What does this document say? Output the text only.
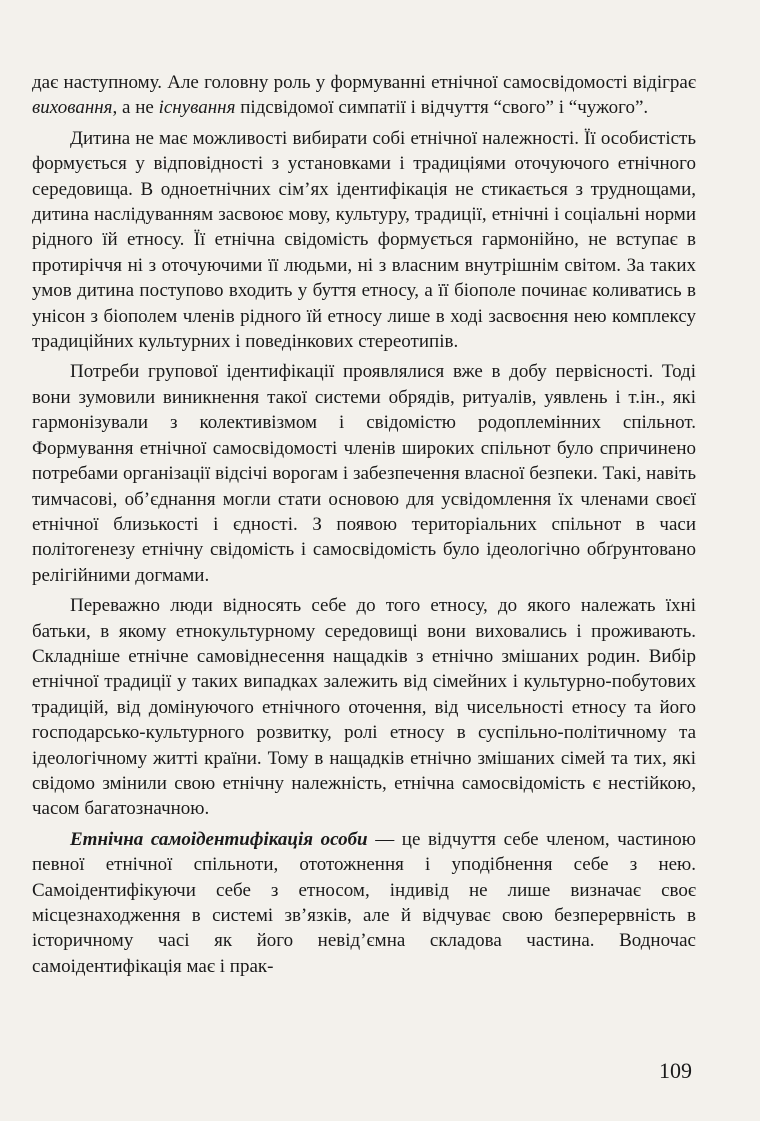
дає наступному. Але головну роль у формуванні етнічної самосвідомості відіграє виховання, а не існування підсвідомої симпатії і відчуття “свого” і “чужого”.

Дитина не має можливості вибирати собі етнічної належності. Її особистість формується у відповідності з установками і традиціями оточуючого етнічного середовища. В одноетнічних сім’ях ідентифікація не стикається з труднощами, дитина наслідуванням засвоює мову, культуру, традиції, етнічні і соціальні норми рідного їй етносу. Її етнічна свідомість формується гармонійно, не вступає в протиріччя ні з оточуючими її людьми, ні з власним внутрішнім світом. За таких умов дитина поступово входить у буття етносу, а її біополе починає коливатись в унісон з біополем членів рідного їй етносу лише в ході засвоєння нею комплексу традиційних культурних і поведінкових стереотипів.

Потреби групової ідентифікації проявлялися вже в добу первісності. Тоді вони зумовили виникнення такої системи обрядів, ритуалів, уявлень і т.ін., які гармонізували з колективізмом і свідомістю родоплемінних спільнот. Формування етнічної самосвідомості членів широких спільнот було спричинено потребами організації відсічі ворогам і забезпечення власної безпеки. Такі, навіть тимчасові, об’єднання могли стати основою для усвідомлення їх членами своєї етнічної близькості і єдності. З появою територіальних спільнот в часи політогенезу етнічну свідомість і самосвідомість було ідеологічно обґрунтовано релігійними догмами.

Переважно люди відносять себе до того етносу, до якого належать їхні батьки, в якому етнокультурному середовищі вони виховались і проживають. Складніше етнічне самовіднесення нащадків з етнічно змішаних родин. Вибір етнічної традиції у таких випадках залежить від сімейних і культурно-побутових традицій, від домінуючого етнічного оточення, від чисельності етносу та його господарсько-культурного розвитку, ролі етносу в суспільно-політичному та ідеологічному житті країни. Тому в нащадків етнічно змішаних сімей та тих, які свідомо змінили свою етнічну належність, етнічна самосвідомість є нестійкою, часом багатозначною.

Етнічна самоідентифікація особи — це відчуття себе членом, частиною певної етнічної спільноти, ототожнення і уподібнення себе з нею. Самоідентифікуючи себе з етносом, індивід не лише визначає своє місцезнаходження в системі зв’язків, але й відчуває свою безперервність в історичному часі як його невід’ємна складова частина. Водночас самоідентифікація має і прак-

109
